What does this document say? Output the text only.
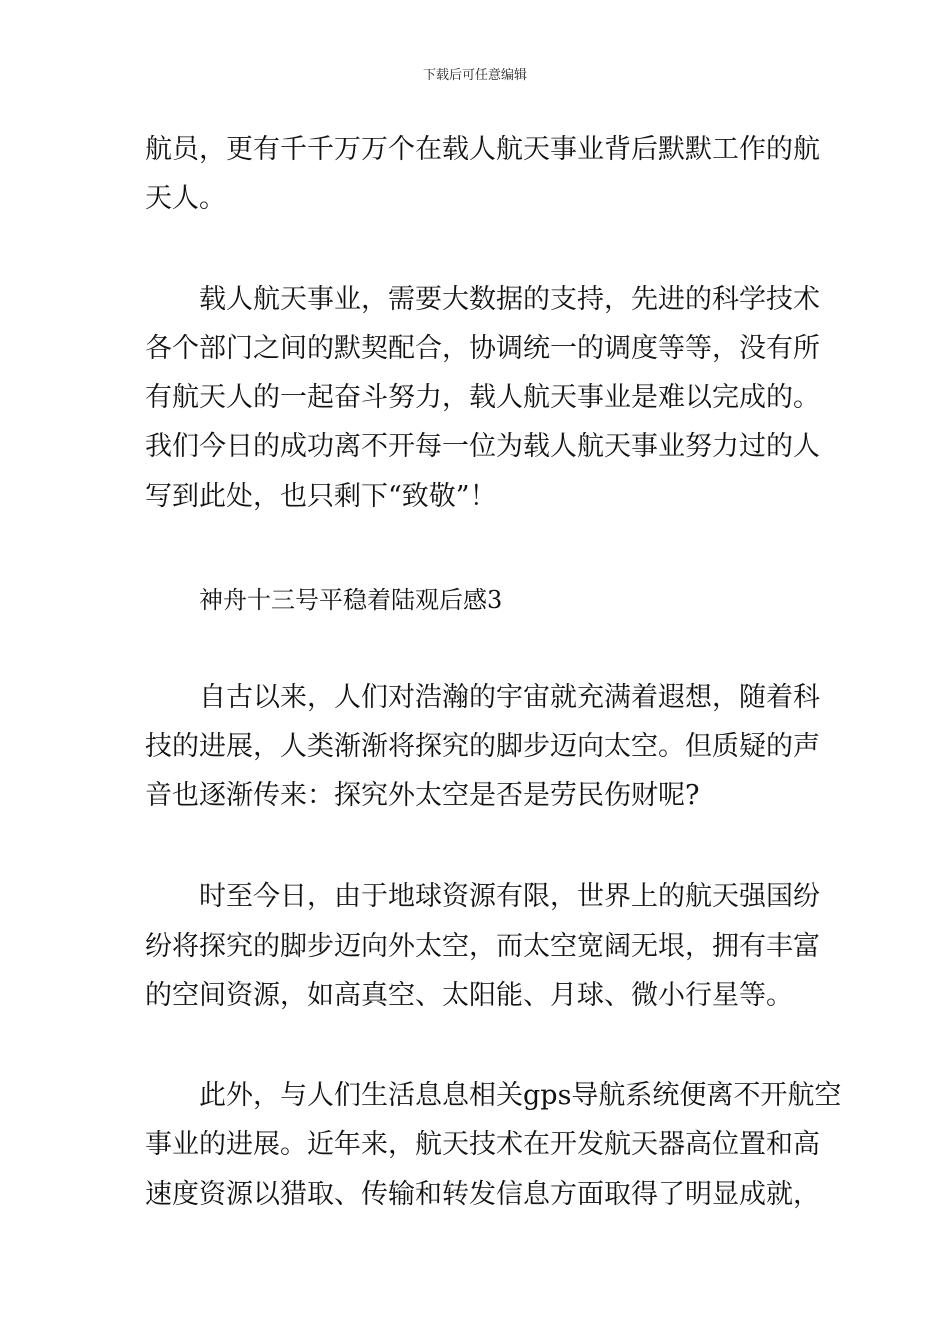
下载后可任意编辑
航员，更有千千万万个在载人航天事业背后默默工作的航
天人。
载人航天事业，需要大数据的支持，先进的科学技术
各个部门之间的默契配合，协调统一的调度等等，没有所
有航天人的一起奋斗努力，载人航天事业是难以完成的。
我们今日的成功离不开每一位为载人航天事业努力过的人
写到此处，也只剩下“致敬”！
神舟十三号平稳着陆观后感3
自古以来，人们对浩瀚的宇宙就充满着遐想，随着科
技的进展，人类渐渐将探究的脚步迈向太空。但质疑的声
音也逐渐传来：探究外太空是否是劳民伤财呢?
时至今日，由于地球资源有限，世界上的航天强国纷
纷将探究的脚步迈向外太空，而太空宽阔无垠，拥有丰富
的空间资源，如高真空、太阳能、月球、微小行星等。
此外，与人们生活息息相关gps导航系统便离不开航空
事业的进展。近年来，航天技术在开发航天器高位置和高
速度资源以猎取、传输和转发信息方面取得了明显成就，
